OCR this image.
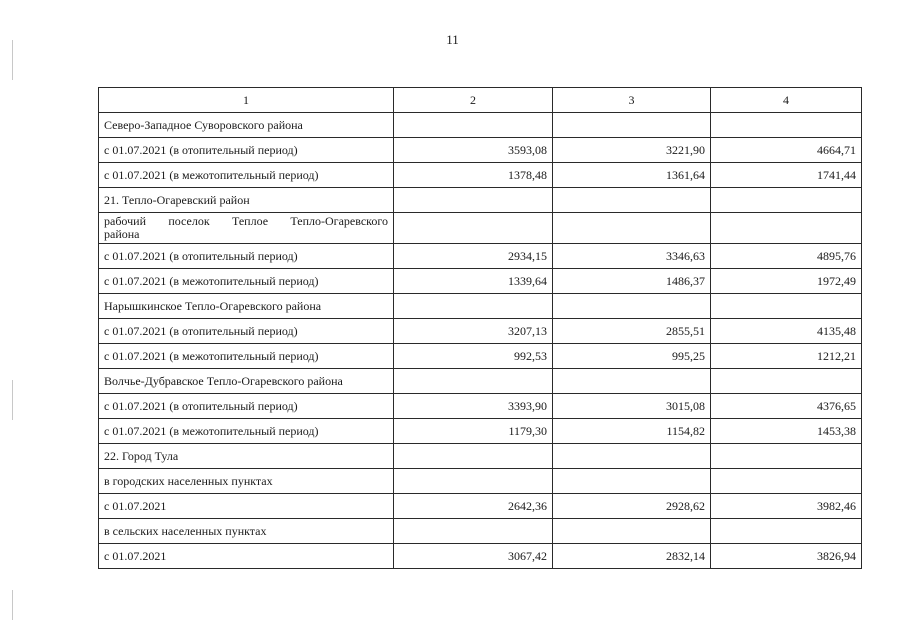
11
1	2	3	4
Северо-Западное Суворовского района			
с 01.07.2021 (в отопительный период)	3593,08	3221,90	4664,71
с 01.07.2021 (в межотопительный период)	1378,48	1361,64	1741,44
21. Тепло-Огаревский район			

рабочий поселок Теплое Тепло-Огаревского района			

с 01.07.2021 (в отопительный период)	2934,15	3346,63	4895,76
с 01.07.2021 (в межотопительный период)	1339,64	1486,37	1972,49
Нарышкинское Тепло-Огаревского района			
с 01.07.2021 (в отопительный период)	3207,13	2855,51	4135,48
с 01.07.2021 (в межотопительный период)	992,53	995,25	1212,21
Волчье-Дубравское Тепло-Огаревского района			
с 01.07.2021 (в отопительный период)	3393,90	3015,08	4376,65
с 01.07.2021 (в межотопительный период)	1179,30	1154,82	1453,38
22. Город Тула			
в городских населенных пунктах			
с 01.07.2021	2642,36	2928,62	3982,46
в сельских населенных пунктах			
с 01.07.2021	3067,42	2832,14	3826,94
